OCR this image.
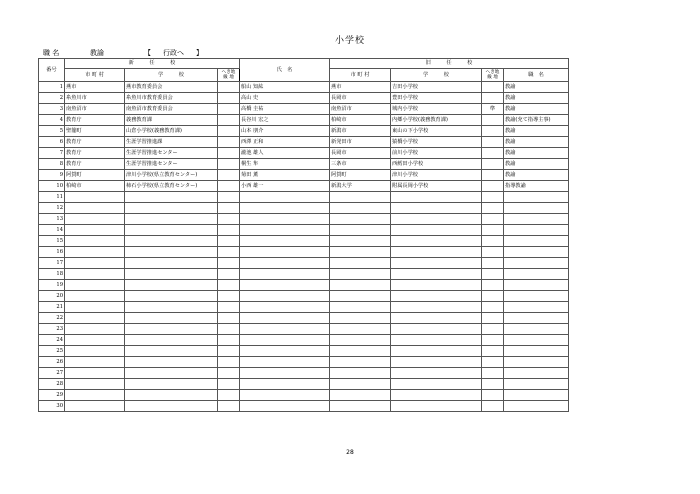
小学校
職 名	教諭	【 行政へ 】
番号	新　　　任　　　校			氏　名	旧　　　任　　　校			
	市 町 村	学　　　校	へき地
級 地		市 町 村	学　　　校	へき地
級 地	職　名
1	燕市	燕市教育委員会		船山 知紘	燕市	吉田小学校		教諭
2	糸魚川市	糸魚川市教育委員会		高山 史	長岡市	豊田小学校		教諭
3	南魚沼市	南魚沼市教育委員会		高橋 圭祐	南魚沼市	城内小学校	準	教諭
4	教育庁	義務教育課		長谷川 宏之	柏崎市	内郷小学校(義務教育課)		教諭(充て指導主事)
5	聖籠町	山倉小学校(義務教育課)		山本 朋介	新潟市	東山の下小学校		教諭
6	教育庁	生涯学習推進課		西澤 正和	新発田市	猿橋小学校		教諭
7	教育庁	生涯学習推進センター		瀧池 雄人	長岡市	前川小学校		教諭
8	教育庁	生涯学習推進センター		桐生 隼	三条市	西鱈田小学校		教諭
9	阿賀町	津川小学校(県立教育センター)		菊田 薫	阿賀町	津川小学校		教諭
10	柏崎市	柿石小学校(県立教育センター)		小西 雄一	新潟大学	附属長岡小学校		指導教諭
11								
12								
13								
14								
15								
16								
17								
18								
19								
20								
21								
22								
23								
24								
25								
26								
27								
28								
29								
30								
28
